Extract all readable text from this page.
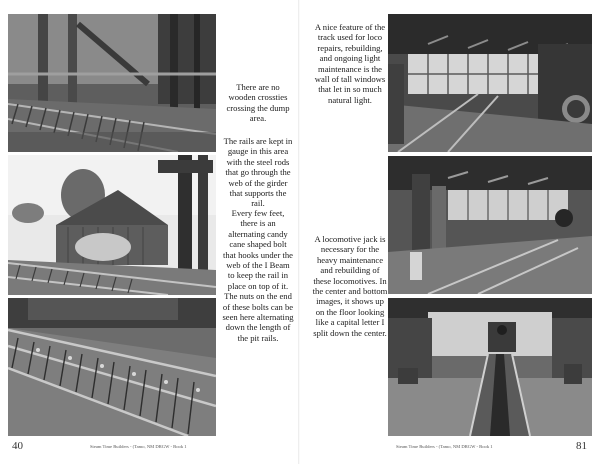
There are no wooden crossties crossing the dump area.

The rails are kept in gauge in this area with the steel rods that go through the web of the girder that supports the rail.

Every few feet, there is an alternating candy cane shaped bolt that hooks under the web of the I Beam to keep the rail in place on top of it. The nuts on the end of these bolts can be seen here alternating down the length of the pit rails.

40	Steam Time Builders - (Tamo, NM DRGW - Book 1

A nice feature of the track used for loco repairs, rebuilding, and ongoing light maintenance is the wall of tall windows that let in so much natural light.

A locomotive jack is necessary for the heavy maintenance and rebuilding of these locomotives. In the center and bottom images, it shows up on the floor looking like a capital letter I split down the center.

Steam Time Builders - (Tamo, NM DRGW - Book 1	81
